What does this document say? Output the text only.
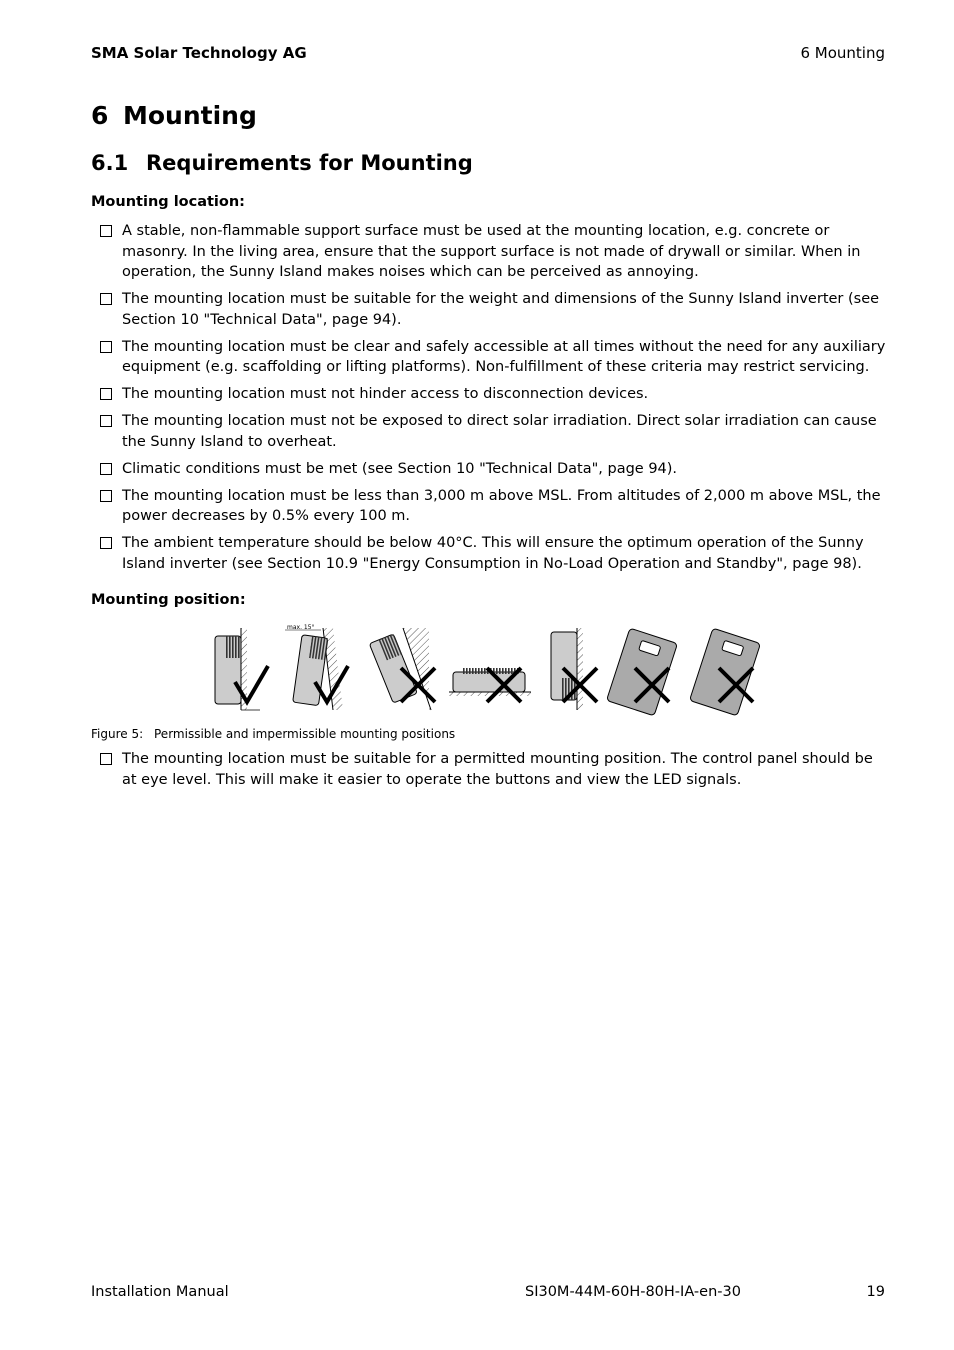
SMA Solar Technology AG	6 Mounting
6 Mounting
6.1 Requirements for Mounting
Mounting location:
A stable, non-flammable support surface must be used at the mounting location, e.g. concrete or masonry. In the living area, ensure that the support surface is not made of drywall or similar. When in operation, the Sunny Island makes noises which can be perceived as annoying.
The mounting location must be suitable for the weight and dimensions of the Sunny Island inverter (see Section 10 "Technical Data", page 94).
The mounting location must be clear and safely accessible at all times without the need for any auxiliary equipment (e.g. scaffolding or lifting platforms). Non-fulfillment of these criteria may restrict servicing.
The mounting location must not hinder access to disconnection devices.
The mounting location must not be exposed to direct solar irradiation. Direct solar irradiation can cause the Sunny Island to overheat.
Climatic conditions must be met (see Section 10 "Technical Data", page 94).
The mounting location must be less than 3,000 m above MSL. From altitudes of 2,000 m above MSL, the power decreases by 0.5% every 100 m.
The ambient temperature should be below 40°C. This will ensure the optimum operation of the Sunny Island inverter (see Section 10.9 "Energy Consumption in No-Load Operation and Standby", page 98).
Mounting position:
max. 15°
Figure 5: Permissible and impermissible mounting positions
The mounting location must be suitable for a permitted mounting position. The control panel should be at eye level. This will make it easier to operate the buttons and view the LED signals.
Installation Manual	SI30M-44M-60H-80H-IA-en-30	19
